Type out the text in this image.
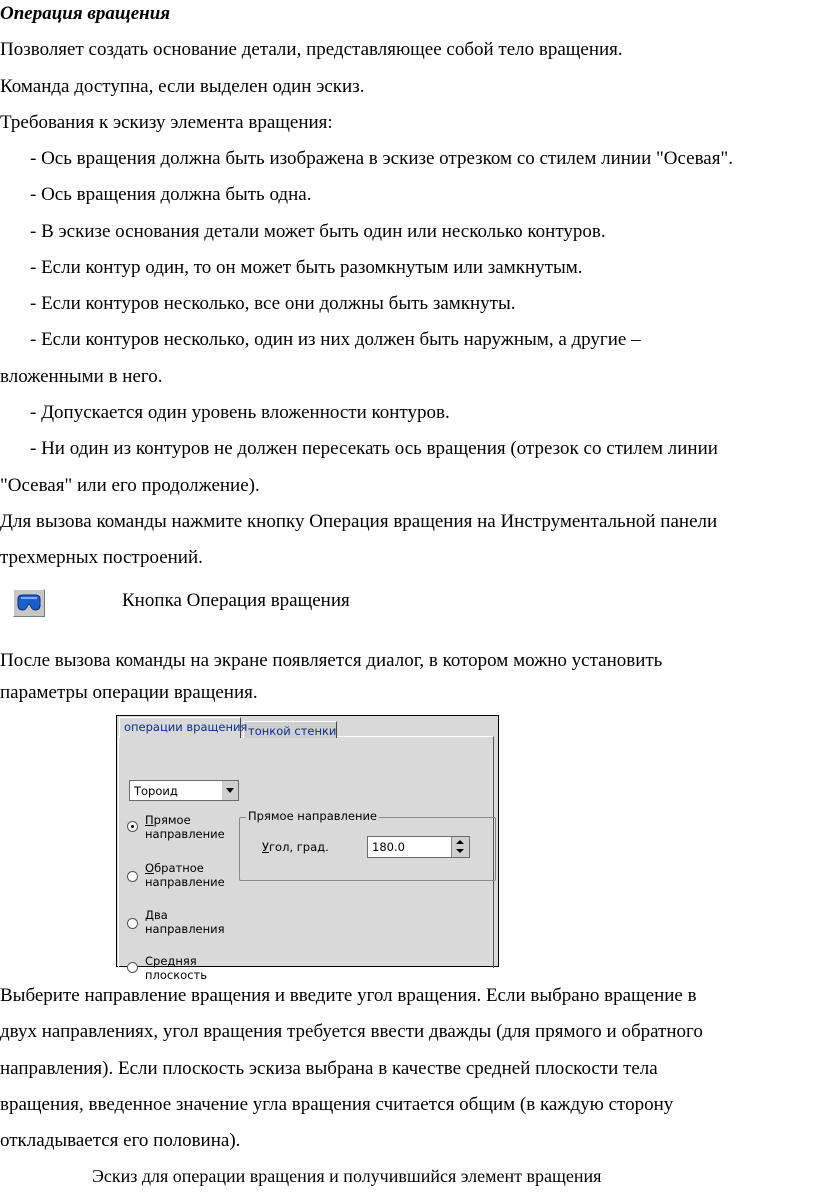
Операция вращения
Позволяет создать основание детали, представляющее собой тело вращения.
Команда доступна, если выделен один эскиз.
Требования к эскизу элемента вращения:
- Ось вращения должна быть изображена в эскизе отрезком со стилем линии "Осевая".
- Ось вращения должна быть одна.
- В эскизе основания детали может быть один или несколько контуров.
- Если контур один, то он может быть разомкнутым или замкнутым.
- Если контуров несколько, все они должны быть замкнуты.
- Если контуров несколько, один из них должен быть наружным, а другие –
вложенными в него.
- Допускается один уровень вложенности контуров.
- Ни один из контуров не должен пересекать ось вращения (отрезок со стилем линии
"Осевая" или его продолжение).
Для вызова команды нажмите кнопку Операция вращения на Инструментальной панели
трехмерных построений.
Кнопка Операция вращения
После вызова команды на экране появляется диалог, в котором можно установить
параметры операции вращения.
Тороид
Прямое
направление
Обратное
направление
Два
направления
Средняя
плоскость
Прямое направление
Угол, град.	180.0
операции вращения тонкой стенки
Выберите направление вращения и введите угол вращения. Если выбрано вращение в
двух направлениях, угол вращения требуется ввести дважды (для прямого и обратного
направления). Если плоскость эскиза выбрана в качестве средней плоскости тела
вращения, введенное значение угла вращения считается общим (в каждую сторону
откладывается его половина).
Эскиз для операции вращения и получившийся элемент вращения
